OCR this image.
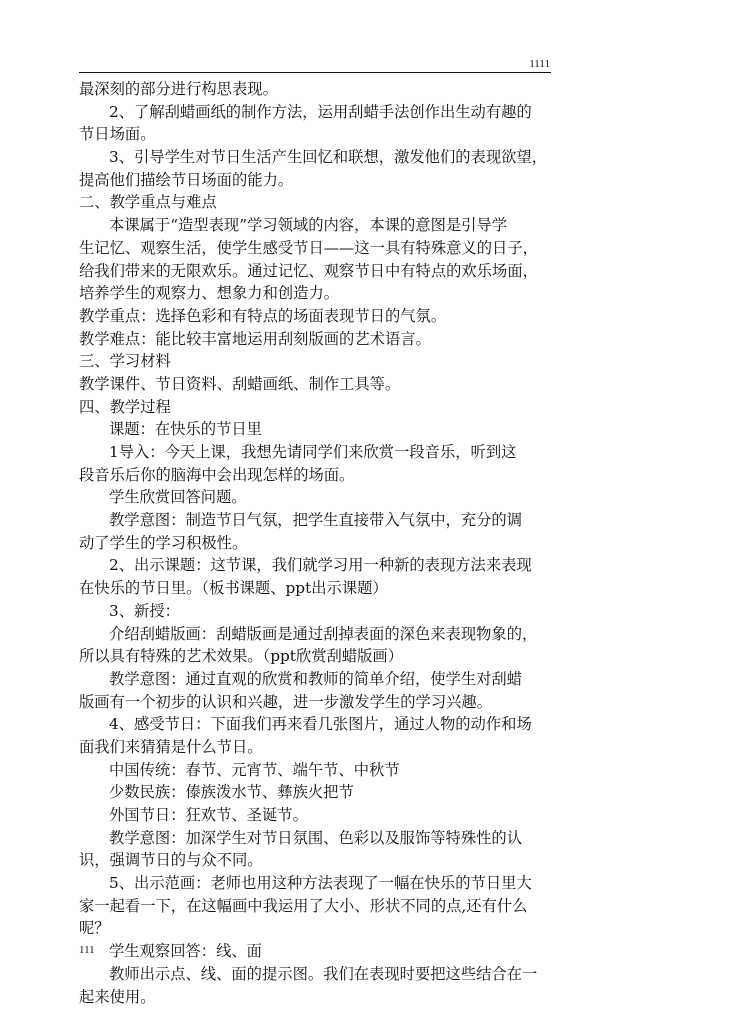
1111
最深刻的部分进行构思表现。
2、了解刮蜡画纸的制作方法，运用刮蜡手法创作出生动有趣的
节日场面。
3、引导学生对节日生活产生回忆和联想，激发他们的表现欲望，
提高他们描绘节日场面的能力。
二、教学重点与难点
本课属于“造型表现”学习领域的内容，本课的意图是引导学
生记忆、观察生活，使学生感受节日——这一具有特殊意义的日子，
给我们带来的无限欢乐。通过记忆、观察节日中有特点的欢乐场面，
培养学生的观察力、想象力和创造力。
教学重点：选择色彩和有特点的场面表现节日的气氛。
教学难点：能比较丰富地运用刮刻版画的艺术语言。
三、学习材料
教学课件、节日资料、刮蜡画纸、制作工具等。
四、教学过程
课题：在快乐的节日里
1导入：今天上课，我想先请同学们来欣赏一段音乐，听到这
段音乐后你的脑海中会出现怎样的场面。
学生欣赏回答问题。
教学意图：制造节日气氛，把学生直接带入气氛中，充分的调
动了学生的学习积极性。
2、出示课题：这节课，我们就学习用一种新的表现方法来表现
在快乐的节日里。（板书课题、ppt出示课题）
3、新授：
介绍刮蜡版画：刮蜡版画是通过刮掉表面的深色来表现物象的，
所以具有特殊的艺术效果。（ppt欣赏刮蜡版画）
教学意图：通过直观的欣赏和教师的简单介绍，使学生对刮蜡
版画有一个初步的认识和兴趣，进一步激发学生的学习兴趣。
4、感受节日：下面我们再来看几张图片，通过人物的动作和场
面我们来猜猜是什么节日。
中国传统：春节、元宵节、端午节、中秋节
少数民族：傣族泼水节、彝族火把节
外国节日：狂欢节、圣诞节。
教学意图：加深学生对节日氛围、色彩以及服饰等特殊性的认
识，强调节日的与众不同。
5、出示范画：老师也用这种方法表现了一幅在快乐的节日里大
家一起看一下，在这幅画中我运用了大小、形状不同的点,还有什么
呢？
学生观察回答：线、面
教师出示点、线、面的提示图。我们在表现时要把这些结合在一
起来使用。
111
